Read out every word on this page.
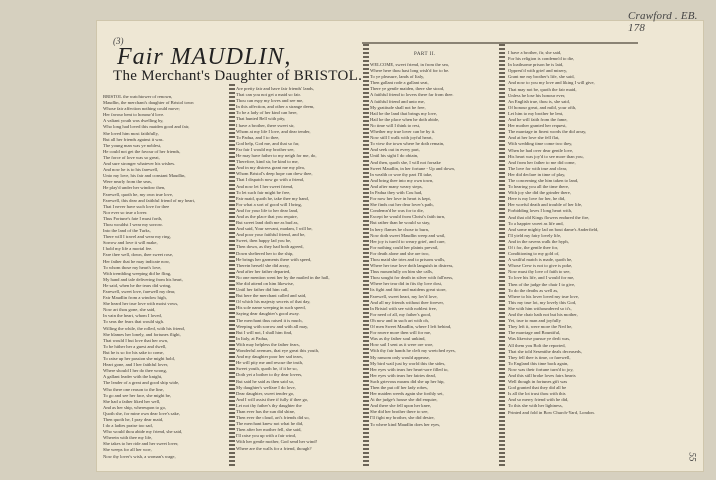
Crawford . EB. 178
(3)
55
Fair MAUDLIN,
The Merchant's Daughter of BRISTOL.
PART II.
BRISTOL the watchtower of renown,
Maudlin, the merchant's daughter of Bristol town
Whose fair affection nothing could move;
Her favour bent to honour'd love.
A valiant youth was dwelling by,
Who long had loved this maiden good and fair,
She loved him most faithfully,
But all her friends against it was.
The young man was ye noblest,
He could not get the favour of her friends,
The force of love was so great,
And sure stronger whatever his wishes.
And now he is to his farewell,
Unto my love, his fair and constant Maudlin,
Were nearly from the seas,
He play'd under her window then,
Farewell, quoth he, my own true love,
Farewell, this dear and faithful friend of my heart,
That I never have such love for thee
Nor ever so true a lover.
Thus Fortune's fate I must forth,
Thou wouldst I wear my sorrow.
Into the land of the Turks,
There will I travel and wear my ring,
Sorrow and love it will make,
I hold my life a mortal fee.
Fare thee well, down, thee sweet rose,
Her father that he may indicate now,
To whom those my heart's love,
With trembling weeping did he fling,
My hand and tale delivering from his heart,
He said, when he the tears did wring,
Farewell, sweet love, farewell my dear,
Fair Maudlin from a window high,
She heard her true love with moist vows,
Now art thou gone, she said,
In vain the heart, whom I loved,
To seas the fears that would sigh.
Willing the while, the rolled, with his friend,
She blames her lonely, and fortunes flight,
That would I but love that her own,
To be hither her a guest and dwell,
But he is so for his sake to come,
To raise up her passion she might hold,
Heart gone, and I her faithful lover,
Where should I her do thee wrong,
A gallant leader with the knight,
The leader of a great and good ship wide,
Who there one reason to the line,
To go and see her face, she might be,
She had a father liked her well,
And as her ship, whereupon to go,
Quoth she, for mine own dear love's sake,
Then quoth he, I pray dear maid,
I do a ladies praise too sad,
Who would thou abide my friend, she said,
Wherein with thee my life,
She takes to her ride and her sweet lover,
She weeps for all her woe,
Now thy lover's wish, a woman's wage,
Are pretty fair and have fair friends' lands,
That can you not get a maid so fair.
Thou can espy my loves and see me,
In this affection, and other a strange deem,
To be a lady of her kind can here,
That hunted Bell with pity,
I have a brother, there sweet sir,
Whom at my life I love, and dear tender,
To Padua, and I to thee,
God help, God me, and that so far,
Far fair I would my brother see,
He may have father to my neigh for me, do,
Therefore, kind sir, be kind to me,
And in my distress grant me my plea,
Whom Bristol's deep hope can drew thee,
That I dispatch now go with a friend,
And now let I her sweet friend,
To let such fair might be free,
Fair maid, quoth he, take thee my hand,
For what a sort of good will I bring,
And for your life to her dear land,
And as the place that you require,
But sweet land doth me as bud as,
And said, Your servant, madam, I will be,
And poor your faithful friend, and be,
Sweet, then happy lad you be,
Then down, as they had both agreed,
Down sheltered her to the ship,
He brings her garments there with speed,
Therein herself she did array,
And after her father departed,
No one mention went her by the mailed in the hall,
She did attend on him likewise,
Until her father did him call,
But here the merchant called and said,
Of which his majesty secrets of that day,
His sole name weeping in such speed,
Saying dear daughter's good away.
The merchant thus raised it is much,
Weeping with sorrow and with all may,
But I will not, I shall him find,
In Italy, at Padua,
With may helpless the father fears,
Wonderful avenues, that eye great this youth,
And my daughter poor her sad tears,
He will pity me and rescue the truth,
Sweet youth, quoth he, if it be so,
Doth yet a bother to thy dear lovers,
But said he said as then said so,
My daughter's welfare I do love,
Dear daughter, sweet tender go,
And I will assist thee if fully if thee go,
Let not thy father's thy daughter the
Than ever has the sun did shine,
Then ever the cloud, art's friends did so,
The merchant knew not what he did,
Then after her mother fell, she said,
I'll raise you up with a fair wind,
With her gentle mother, God send her wind!
Where are the walls for a friend, though?
WELCOME, sweet friend, in from the sea,
Where here thou hast long wish'd for to be.
To ye pleasure, lands of Italy,
Then gallant rode a gallant seat,
There ye gentle maiden, there she stood,
A faithful friend to lovers there far from thee.
A faithful friend and unto me,
My gratitude shall not be free,
Hail be the land that brings my love,
Hail be the place when he doth abide,
No time will I think to rest,
Whether my true lover can be by it.
Now still I walk with joyful heart,
To view the town where he doth remain,
And seek out in every part,
Until his sight I do obtain,
And then, quoth she, I will not forsake
Sweet Maudlin, in her fortune - Up and down,
In wealth or woe thy part I'll take,
And bring thee into my own town,
And after many weary steps,
In Padua they with Cou had,
For now her love in heart is kept,
She finds out her dear lover's path,
Condemn'd he was for to die,
Except he would from Christ's faith turn,
But rather than he would so stay,
In hery flames he chose to burn,
Now doth sweet Maudlin weep and wail,
Her joy is turn'd to weary grief, and care,
For nothing could her plaints prevail,
For death alone and she are two,
Thou maid she tries and to prisons walls,
Where her true love doth languish in distress,
Thus mournfully on him she calls,
Thou sought for death in silver with fall'ness,
Where her tear did in fits thy love dost,
Its fight and fiite and maidens great store,
Farewell, sweet heart, my lov'd love,
And all my friends without thee forever,
In Bristol with see with noblest free,
For need of all, my father's good,
Oh now and in such art with oh,
Of men Sweet Maudlin, where I left behind,
For nwere more then will for me,
Was as thy father soul unkind,
How sail I sent as it were ore woe,
With thy fair hands he cleft my wretched eyes,
My ransom only would appease,
My bird wail just by world this the sides,
Her eyes with tears her heart-sore filled to,
Her eyes with tears her fairies dead,
Such grievous moans did she up her hip,
Then the put off her lady robes,
Her maiden weeds again she forthly set,
At the judge's house she did enquire,
And there she fell upon her knee,
She did her brother there to see,
I'll fight my brother, she did desire,
To where kind Maudlin does her eyes,
I have a brother, fir, she said,
For his religion is condemn'd to die,
In loathsome prison he is laid,
Opprest'd with grief and misery,
Grant me my brother's life, she said,
And now to you my love and liking I will give,
That may not be, quoth the fair maid,
Unless he lose his honour ever,
An English true, thou is, she said,
Of honour great, and mild, your ofth,
Let him to my brother be lent,
And he will faith from the fame,
Her mother granted her request,
The marriage in finest words the did array,
And at her love she fell flat,
With wedding time come two they,
When he had over dear gentle love,
His heart was joy'd to see more than you,
And from her father to me did come,
The love for with true and clear,
Her did declare in time of play,
The concerning she him taken to land,
To hearing you all the time there,
With joy she did the grinder there,
Here is my love for her, he did,
Her woeful death and trouble of her life,
Forbidding loves I long heart with,
And that old Kings flowers endured the fire,
To a happier sweet as life and,
And some mighty lad on bout dame's Anderfield,
I'll yield my fairy lovely life,
And in the ravens walk the hyph,
Of i for, the gentle thee for,
Conditioning to my gold of,
A wailful match is made, quoth he,
Whose Crew is not to give is poke,
Now must thy love of faith to see,
To love his life, and I would for me,
Then of the judge the chair I to give,
To do the deaths as well as,
Where to his lover loved my true love,
This my true lot, my lovely this God,
She with him withoundered so it's,
And the chair hath not but his mother,
Yet, true to man and joyfully
They left it, were more the Ned he,
The marriage and Bountiful,
Was likewise pursue ye derli was,
All them you Bolt the reported,
That she told Sesentthe deals deceaseds,
They fell thee is time, or farewell,
To England this time back again,
Now was their fortune turn'd to joy,
And this still broke loves fairs hearts
Well though in fortunes gift was
God granted that they did all be
Is all the lot trust thou with this
And so merry friend with he did,
To this she with her lightness,
Printed and fold in Bow Church-Yard, London.
